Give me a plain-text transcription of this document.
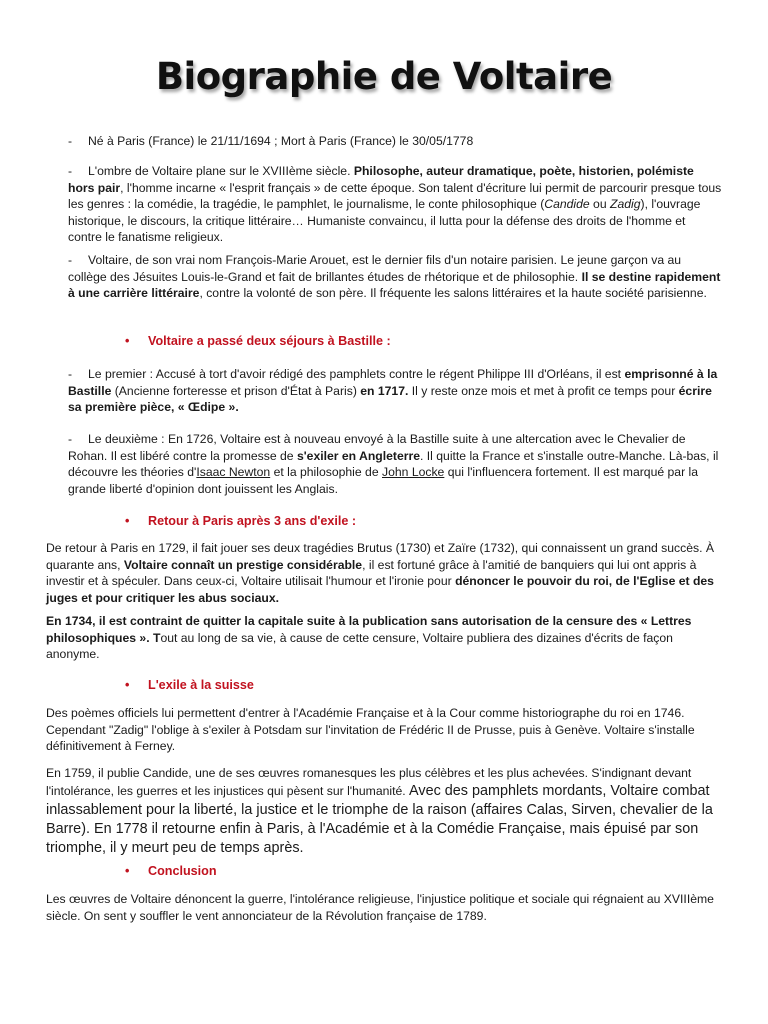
Biographie de Voltaire

- Né à Paris (France) le 21/11/1694 ; Mort à Paris (France) le 30/05/1778

- L'ombre de Voltaire plane sur le XVIIIème siècle. Philosophe, auteur dramatique, poète, historien, polémiste hors pair, l'homme incarne « l'esprit français » de cette époque. Son talent d'écriture lui permit de parcourir presque tous les genres : la comédie, la tragédie, le pamphlet, le journalisme, le conte philosophique (Candide ou Zadig), l'ouvrage historique, le discours, la critique littéraire… Humaniste convaincu, il lutta pour la défense des droits de l'homme et contre le fanatisme religieux.

- Voltaire, de son vrai nom François-Marie Arouet, est le dernier fils d'un notaire parisien. Le jeune garçon va au collège des Jésuites Louis-le-Grand et fait de brillantes études de rhétorique et de philosophie. Il se destine rapidement à une carrière littéraire, contre la volonté de son père. Il fréquente les salons littéraires et la haute société parisienne.

• Voltaire a passé deux séjours à Bastille :

- Le premier : Accusé à tort d'avoir rédigé des pamphlets contre le régent Philippe III d'Orléans, il est emprisonné à la Bastille (Ancienne forteresse et prison d'État à Paris) en 1717. Il y reste onze mois et met à profit ce temps pour écrire sa première pièce, « Œdipe ».

- Le deuxième : En 1726, Voltaire est à nouveau envoyé à la Bastille suite à une altercation avec le Chevalier de Rohan. Il est libéré contre la promesse de s'exiler en Angleterre. Il quitte la France et s'installe outre-Manche. Là-bas, il découvre les théories d'Isaac Newton et la philosophie de John Locke qui l'influencera fortement. Il est marqué par la grande liberté d'opinion dont jouissent les Anglais.

• Retour à Paris après 3 ans d'exile :

De retour à Paris en 1729, il fait jouer ses deux tragédies Brutus (1730) et Zaïre (1732), qui connaissent un grand succès. À quarante ans, Voltaire connaît un prestige considérable, il est fortuné grâce à l'amitié de banquiers qui lui ont appris à investir et à spéculer. Dans ceux-ci, Voltaire utilisait l'humour et l'ironie pour dénoncer le pouvoir du roi, de l'Eglise et des juges et pour critiquer les abus sociaux.

En 1734, il est contraint de quitter la capitale suite à la publication sans autorisation de la censure des « Lettres philosophiques ». Tout au long de sa vie, à cause de cette censure, Voltaire publiera des dizaines d'écrits de façon anonyme.

• L'exile à la suisse

Des poèmes officiels lui permettent d'entrer à l'Académie Française et à la Cour comme historiographe du roi en 1746. Cependant "Zadig" l'oblige à s'exiler à Potsdam sur l'invitation de Frédéric II de Prusse, puis à Genève. Voltaire s'installe définitivement à Ferney.

En 1759, il publie Candide, une de ses œuvres romanesques les plus célèbres et les plus achevées. S'indignant devant l'intolérance, les guerres et les injustices qui pèsent sur l'humanité. Avec des pamphlets mordants, Voltaire combat inlassablement pour la liberté, la justice et le triomphe de la raison (affaires Calas, Sirven, chevalier de la Barre). En 1778 il retourne enfin à Paris, à l'Académie et à la Comédie Française, mais épuisé par son triomphe, il y meurt peu de temps après.

• Conclusion

Les œuvres de Voltaire dénoncent la guerre, l'intolérance religieuse, l'injustice politique et sociale qui régnaient au XVIIIème siècle. On sent y souffler le vent annonciateur de la Révolution française de 1789.
